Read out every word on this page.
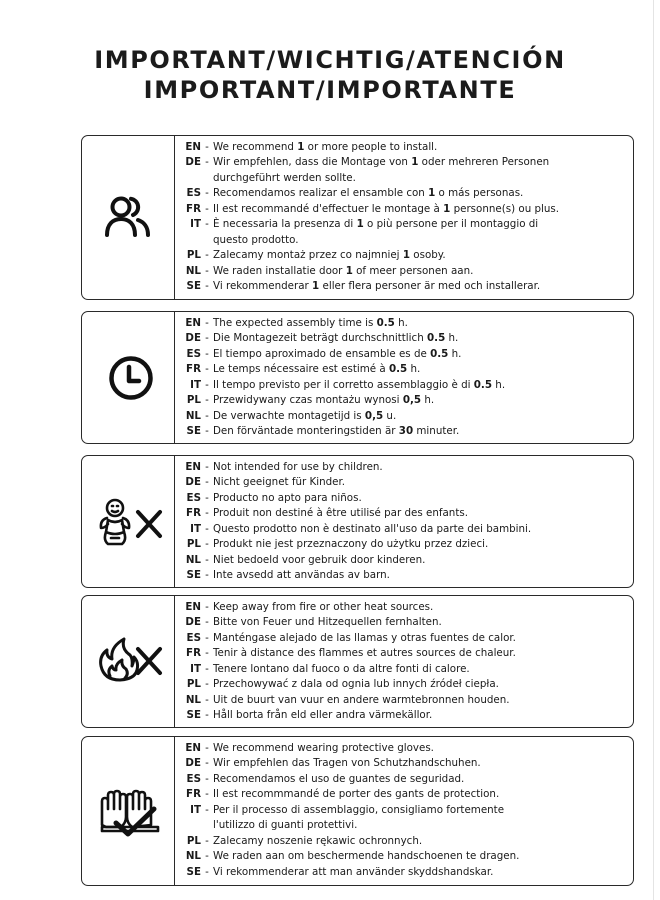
IMPORTANT/WICHTIG/ATENCIÓN
IMPORTANT/IMPORTANTE
EN - We recommend 1 or more people to install.
DE - Wir empfehlen, dass die Montage von 1 oder mehreren Personen
durchgeführt werden sollte.
ES - Recomendamos realizar el ensamble con 1 o más personas.
FR - Il est recommandé d'effectuer le montage à 1 personne(s) ou plus.
IT - È necessaria la presenza di 1 o più persone per il montaggio di
questo prodotto.
PL - Zalecamy montaż przez co najmniej 1 osoby.
NL - We raden installatie door 1 of meer personen aan.
SE - Vi rekommenderar 1 eller flera personer är med och installerar.
EN - The expected assembly time is 0.5 h.
DE - Die Montagezeit beträgt durchschnittlich 0.5 h.
ES - El tiempo aproximado de ensamble es de 0.5 h.
FR - Le temps nécessaire est estimé à 0.5 h.
IT - Il tempo previsto per il corretto assemblaggio è di 0.5 h.
PL - Przewidywany czas montażu wynosi 0,5 h.
NL - De verwachte montagetijd is 0,5 u.
SE - Den förväntade monteringstiden är 30 minuter.
EN - Not intended for use by children.
DE - Nicht geeignet für Kinder.
ES - Producto no apto para niños.
FR - Produit non destiné à être utilisé par des enfants.
IT - Questo prodotto non è destinato all'uso da parte dei bambini.
PL - Produkt nie jest przeznaczony do użytku przez dzieci.
NL - Niet bedoeld voor gebruik door kinderen.
SE - Inte avsedd att användas av barn.
EN - Keep away from fire or other heat sources.
DE - Bitte von Feuer und Hitzequellen fernhalten.
ES - Manténgase alejado de las llamas y otras fuentes de calor.
FR - Tenir à distance des flammes et autres sources de chaleur.
IT - Tenere lontano dal fuoco o da altre fonti di calore.
PL - Przechowywać z dala od ognia lub innych źródeł ciepła.
NL - Uit de buurt van vuur en andere warmtebronnen houden.
SE - Håll borta från eld eller andra värmekällor.
EN - We recommend wearing protective gloves.
DE - Wir empfehlen das Tragen von Schutzhandschuhen.
ES - Recomendamos el uso de guantes de seguridad.
FR - Il est recommmandé de porter des gants de protection.
IT - Per il processo di assemblaggio, consigliamo fortemente
l'utilizzo di guanti protettivi.
PL - Zalecamy noszenie rękawic ochronnych.
NL - We raden aan om beschermende handschoenen te dragen.
SE - Vi rekommenderar att man använder skyddshandskar.
